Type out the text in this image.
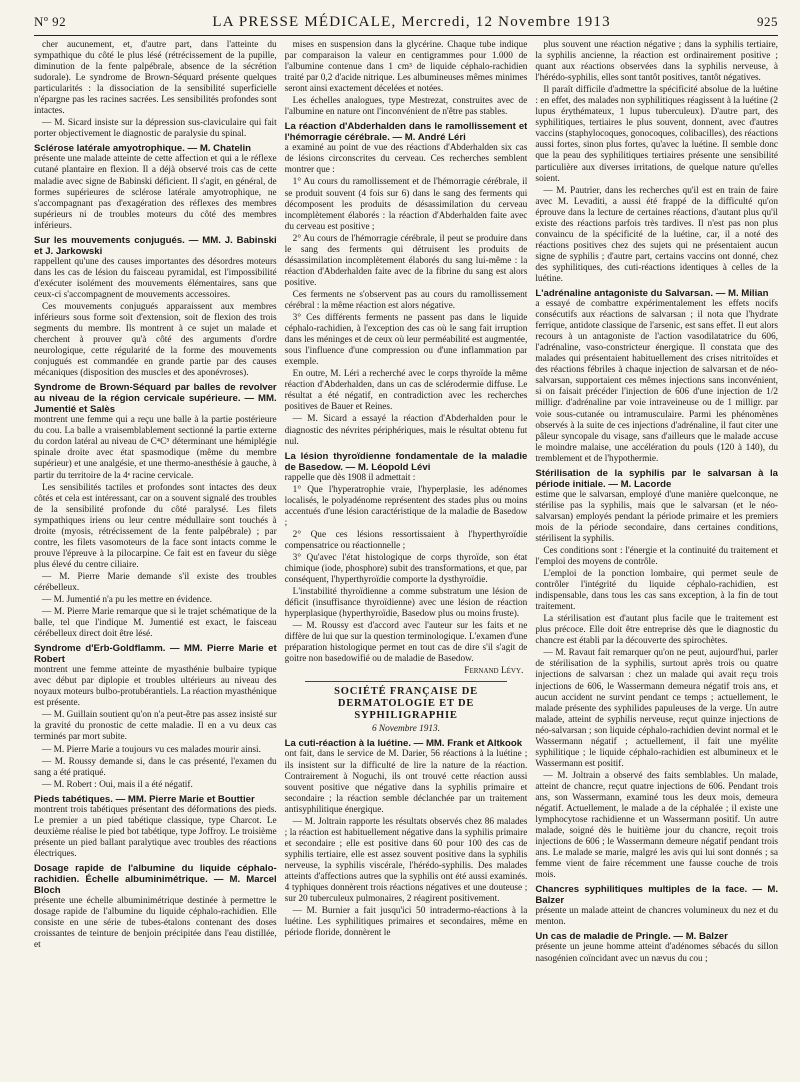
Nº 92	LA PRESSE MÉDICALE, Mercredi, 12 Novembre 1913	925

cher aucunement, et, d'autre part, dans l'atteinte du sympathique du côté le plus lésé (rétrécissement de la pupille, diminution de la fente palpébrale, absence de la sécrétion sudorale). Le syndrome de Brown-Séquard présente quelques particularités : la dissociation de la sensibilité superficielle n'épargne pas les racines sacrées. Les sensibilités profondes sont intactes.

— M. Sicard insiste sur la dépression sus-claviculaire qui fait porter objectivement le diagnostic de paralysie du spinal.

Sclérose latérale amyotrophique. — M. Chatelin

présente une malade atteinte de cette affection et qui a le réflexe cutané plantaire en flexion. Il a déjà observé trois cas de cette maladie avec signe de Babinski déficient. Il s'agit, en général, de formes supérieures de sclérose latérale amyotrophique, ne s'accompagnant pas d'exagération des réflexes des membres supérieurs ni de troubles moteurs du côté des membres inférieurs.

Sur les mouvements conjugués. — MM. J. Babinski et J. Jarkowski

rappellent qu'une des causes importantes des désordres moteurs dans les cas de lésion du faisceau pyramidal, est l'impossibilité d'exécuter isolément des mouvements élémentaires, sans que ceux-ci s'accompagnent de mouvements accessoires.

Ces mouvements conjugués apparaissent aux membres inférieurs sous forme soit d'extension, soit de flexion des trois segments du membre. Ils montrent à ce sujet un malade et cherchent à prouver qu'à côté des arguments d'ordre neurologique, cette régularité de la forme des mouvements conjugués est commandée en grande partie par des causes mécaniques (disposition des muscles et des aponévroses).

Syndrome de Brown-Séquard par balles de revolver au niveau de la région cervicale supérieure. — MM. Jumentié et Salès

montrent une femme qui a reçu une balle à la partie postérieure du cou. La balle a vraisemblablement sectionné la partie externe du cordon latéral au niveau de C⁴C⁵ déterminant une hémiplégie spinale droite avec état spasmodique (même du membre supérieur) et une analgésie, et une thermo-anesthésie à gauche, à partir du territoire de la 4ᵉ racine cervicale.

Les sensibilités tactiles et profondes sont intactes des deux côtés et cela est intéressant, car on a souvent signalé des troubles de la sensibilité profonde du côté paralysé. Les filets sympathiques iriens ou leur centre médullaire sont touchés à droite (myosis, rétrécissement de la fente palpébrale) ; par contre, les filets vasomoteurs de la face sont intacts comme le prouve l'épreuve à la pilocarpine. Ce fait est en faveur du siège plus élevé du centre ciliaire.

— M. Pierre Marie demande s'il existe des troubles cérébelleux.

— M. Jumentié n'a pu les mettre en évidence.

— M. Pierre Marie remarque que si le trajet schématique de la balle, tel que l'indique M. Jumentié est exact, le faisceau cérébelleux direct doit être lésé.

Syndrome d'Erb-Goldflamm. — MM. Pierre Marie et Robert

montrent une femme atteinte de myasthénie bulbaire typique avec début par diplopie et troubles ultérieurs au niveau des noyaux moteurs bulbo-protubérantiels. La réaction myasthénique est présente.

— M. Guillain soutient qu'on n'a peut-être pas assez insisté sur la gravité du pronostic de cette maladie. Il en a vu deux cas terminés par mort subite.

— M. Pierre Marie a toujours vu ces malades mourir ainsi.

— M. Roussy demande si, dans le cas présenté, l'examen du sang a été pratiqué.

— M. Robert : Oui, mais il a été négatif.

Pieds tabétiques. — MM. Pierre Marie et Bouttier

montrent trois tabétiques présentant des déformations des pieds. Le premier a un pied tabétique classique, type Charcot. Le deuxième réalise le pied bot tabétique, type Joffroy. Le troisième présente un pied ballant paralytique avec troubles des réactions électriques.

Dosage rapide de l'albumine du liquide céphalo-rachidien. Échelle albuminimétrique. — M. Marcel Bloch

présente une échelle albuminimétrique destinée à permettre le dosage rapide de l'albumine du liquide céphalo-rachidien. Elle consiste en une série de tubes-étalons contenant des doses croissantes de teinture de benjoin précipitée dans l'eau distillée, et

mises en suspension dans la glycérine. Chaque tube indique par comparaison la valeur en centigrammes pour 1.000 de l'albumine contenue dans 1 cm³ de liquide céphalo-rachidien traité par 0,2 d'acide nitrique. Les albumineuses mêmes minimes seront ainsi exactement décelées et notées.

Les échelles analogues, type Mestrezat, construites avec de l'albumine en nature ont l'inconvénient de n'être pas stables.

La réaction d'Abderhalden dans le ramollissement et l'hémorragie cérébrale. — M. André Léri

a examiné au point de vue des réactions d'Abderhalden six cas de lésions circonscrites du cerveau. Ces recherches semblent montrer que :

1° Au cours du ramollissement et de l'hémorragie cérébrale, il se produit souvent (4 fois sur 6) dans le sang des ferments qui décomposent les produits de désassimilation du cerveau incomplètement élaborés : la réaction d'Abderhalden faite avec du cerveau est positive ;

2° Au cours de l'hémorragie cérébrale, il peut se produire dans le sang des ferments qui détruisent les produits de désassimilation incomplètement élaborés du sang lui-même : la réaction d'Abderhalden faite avec de la fibrine du sang est alors positive.

Ces ferments ne s'observent pas au cours du ramollissement cérébral : la même réaction est alors négative.

3° Ces différents ferments ne passent pas dans le liquide céphalo-rachidien, à l'exception des cas où le sang fait irruption dans les méninges et de ceux où leur perméabilité est augmentée, sous l'influence d'une compression ou d'une inflammation par exemple.

En outre, M. Léri a recherché avec le corps thyroïde la même réaction d'Abderhalden, dans un cas de sclérodermie diffuse. Le résultat a été négatif, en contradiction avec les recherches positives de Bauer et Reines.

— M. Sicard a essayé la réaction d'Abderhalden pour le diagnostic des névrites périphériques, mais le résultat obtenu fut nul.

La lésion thyroïdienne fondamentale de la maladie de Basedow. — M. Léopold Lévi

rappelle que dès 1908 il admettait :

1° Que l'hyperatrophie vraie, l'hyperplasie, les adénomes localisés, le polyadénome représentent des stades plus ou moins accentués d'une lésion caractéristique de la maladie de Basedow ;

2° Que ces lésions ressortissaient à l'hyperthyroïdie compensatrice ou réactionnelle ;

3° Qu'avec l'état histologique de corps thyroïde, son état chimique (iode, phosphore) subit des transformations, et que, par conséquent, l'hyperthyroïdie comporte la dysthyroïdie.

L'instabilité thyroïdienne a comme substratum une lésion de déficit (insuffisance thyroïdienne) avec une lésion de réaction hyperplasique (hyperthyroïdie, Basedow plus ou moins fruste).

— M. Roussy est d'accord avec l'auteur sur les faits et ne diffère de lui que sur la question terminologique. L'examen d'une préparation histologique permet en tout cas de dire s'il s'agit de goitre non basedowifié ou de maladie de Basedow.

Fernand Lévy.
SOCIÉTÉ FRANÇAISE DE DERMATOLOGIE ET DE SYPHILIGRAPHIE
6 Novembre 1913.
La cuti-réaction à la luétine. — MM. Frank et Altkook

ont fait, dans le service de M. Darier, 56 réactions à la luétine ; ils insistent sur la difficulté de lire la nature de la réaction. Contrairement à Noguchi, ils ont trouvé cette réaction aussi souvent positive que négative dans la syphilis primaire et secondaire ; la réaction semble déclanchée par un traitement antisyphilitique énergique.

— M. Joltrain rapporte les résultats observés chez 86 malades ; la réaction est habituellement négative dans la syphilis primaire et secondaire ; elle est positive dans 60 pour 100 des cas de syphilis tertiaire, elle est assez souvent positive dans la syphilis nerveuse, la syphilis viscérale, l'hérédo-syphilis. Des malades atteints d'affections autres que la syphilis ont été aussi examinés. 4 typhiques donnèrent trois réactions négatives et une douteuse ; sur 20 tuberculeux pulmonaires, 2 réagirent positivement.

— M. Burnier a fait jusqu'ici 50 intradermo-réactions à la luétine. Les syphilitiques primaires et secondaires, même en période floride, donnèrent le

plus souvent une réaction négative ; dans la syphilis tertiaire, la syphilis ancienne, la réaction est ordinairement positive ; quant aux réactions observées dans la syphilis nerveuse, à l'hérédo-syphilis, elles sont tantôt positives, tantôt négatives.

Il paraît difficile d'admettre la spécificité absolue de la luétine : en effet, des malades non syphilitiques réagissent à la luétine (2 lupus érythémateux, 1 lupus tuberculeux). D'autre part, des syphilitiques, tertiaires le plus souvent, donnent, avec d'autres vaccins (staphylocoques, gonocoques, colibacilles), des réactions aussi fortes, sinon plus fortes, qu'avec la luétine. Il semble donc que la peau des syphilitiques tertiaires présente une sensibilité particulière aux diverses irritations, de quelque nature qu'elles soient.

— M. Pautrier, dans les recherches qu'il est en train de faire avec M. Levaditi, a aussi été frappé de la difficulté qu'on éprouve dans la lecture de certaines réactions, d'autant plus qu'il existe des réactions parfois très tardives. Il n'est pas non plus convaincu de la spécificité de la luétine, car, il a noté des réactions positives chez des sujets qui ne présentaient aucun signe de syphilis ; d'autre part, certains vaccins ont donné, chez des syphilitiques, des cuti-réactions identiques à celles de la luétine.

L'adrénaline antagoniste du Salvarsan. — M. Milian

a essayé de combattre expérimentalement les effets nocifs consécutifs aux réactions de salvarsan ; il nota que l'hydrate ferrique, antidote classique de l'arsenic, est sans effet. Il eut alors recours à un antagoniste de l'action vasodilatatrice du 606, l'adrénaline, vaso-constricteur énergique. Il constata que des malades qui présentaient habituellement des crises nitritoïdes et des réactions fébriles à chaque injection de salvarsan et de néo-salvarsan, supportaient ces mêmes injections sans inconvénient, si on faisait précéder l'injection de 606 d'une injection de 1/2 milligr. d'adrénaline par voie intraveineuse ou de 1 milligr. par voie sous-cutanée ou intramusculaire. Parmi les phénomènes observés à la suite de ces injections d'adrénaline, il faut citer une pâleur syncopale du visage, sans d'ailleurs que le malade accuse le moindre malaise, une accélération du pouls (120 à 140), du tremblement et de l'hypothermie.

Stérilisation de la syphilis par le salvarsan à la période initiale. — M. Lacorde

estime que le salvarsan, employé d'une manière quelconque, ne stérilise pas la syphilis, mais que le salvarsan (et le néo-salvarsan) employés pendant la période primaire et les premiers mois de la période secondaire, dans certaines conditions, stérilisent la syphilis.

Ces conditions sont : l'énergie et la continuité du traitement et l'emploi des moyens de contrôle.

L'emploi de la ponction lombaire, qui permet seule de contrôler l'intégrité du liquide céphalo-rachidien, est indispensable, dans tous les cas sans exception, à la fin de tout traitement.

La stérilisation est d'autant plus facile que le traitement est plus précoce. Elle doit être entreprise dès que le diagnostic du chancre est établi par la découverte des spirochètes.

— M. Ravaut fait remarquer qu'on ne peut, aujourd'hui, parler de stérilisation de la syphilis, surtout après trois ou quatre injections de salvarsan : chez un malade qui avait reçu trois injections de 606, le Wassermann demeura négatif trois ans, et aucun accident ne survint pendant ce temps ; actuellement, le malade présente des syphilides papuleuses de la verge. Un autre malade, atteint de syphilis nerveuse, reçut quinze injections de néo-salvarsan ; son liquide céphalo-rachidien devint normal et le Wassermann négatif ; actuellement, il fait une myélite syphilitique ; le liquide céphalo-rachidien est albumineux et le Wassermann est positif.

— M. Joltrain a observé des faits semblables. Un malade, atteint de chancre, reçut quatre injections de 606. Pendant trois ans, son Wassermann, examiné tous les deux mois, demeura négatif. Actuellement, le malade a de la céphalée ; il existe une lymphocytose rachidienne et un Wassermann positif. Un autre malade, soigné dès le huitième jour du chancre, reçoit trois injections de 606 ; le Wassermann demeure négatif pendant trois ans. Le malade se marie, malgré les avis qui lui sont donnés ; sa femme vient de faire récemment une fausse couche de trois mois.

Chancres syphilitiques multiples de la face. — M. Balzer

présente un malade atteint de chancres volumineux du nez et du menton.

Un cas de maladie de Pringle. — M. Balzer

présente un jeune homme atteint d'adénomes sébacés du sillon nasogénien coïncidant avec un nævus du cou ;
